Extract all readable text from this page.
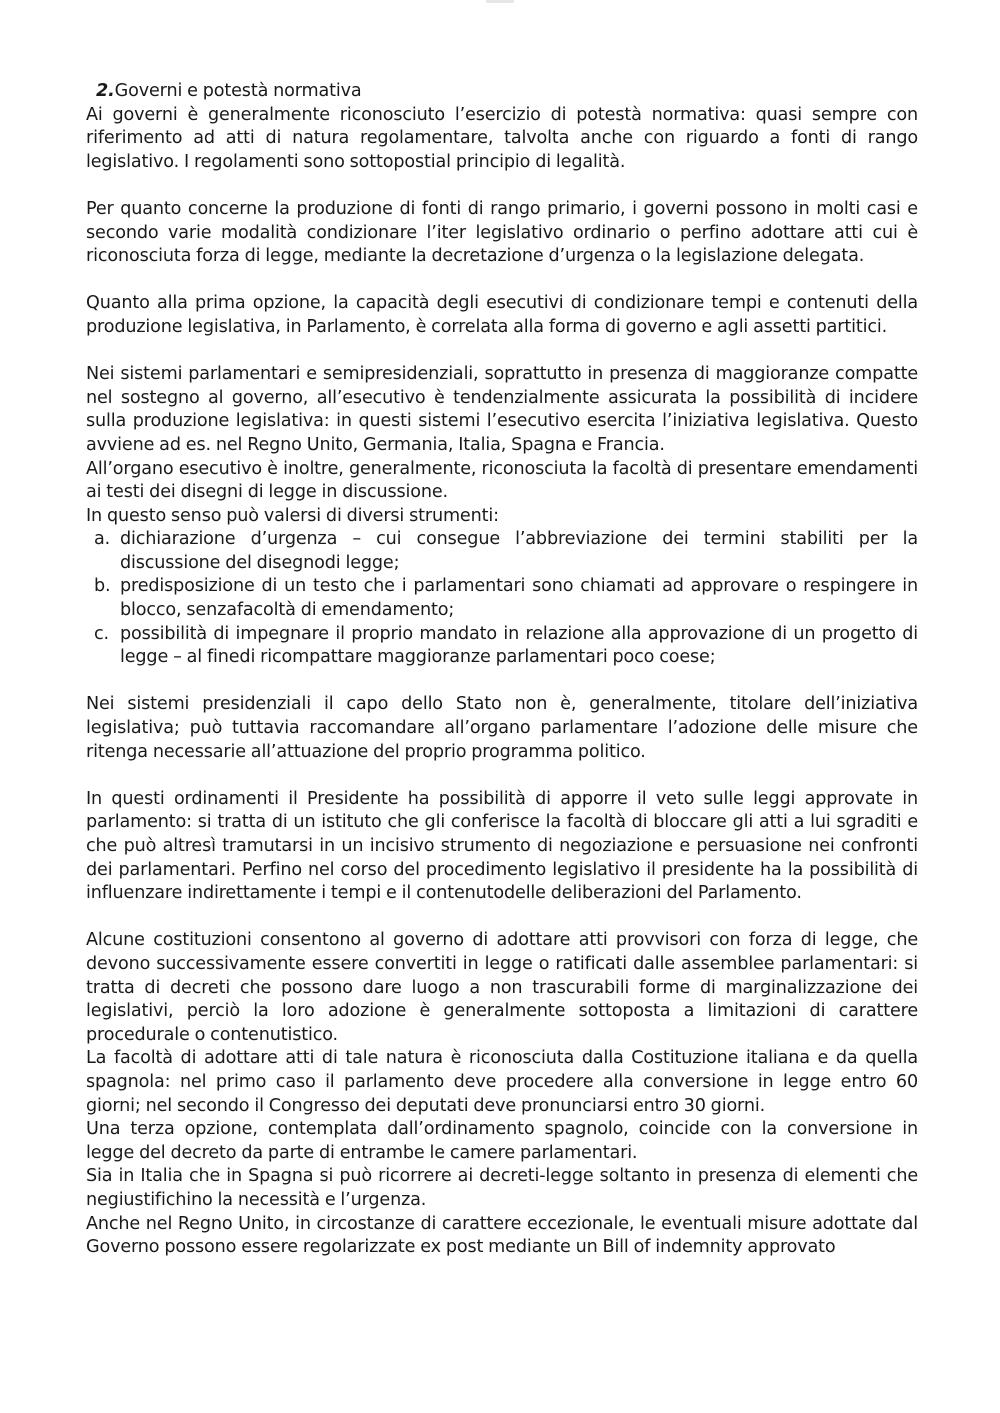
2.Governi e potestà normativa

Ai governi è generalmente riconosciuto l’esercizio di potestà normativa: quasi sempre con riferimento ad atti di natura regolamentare, talvolta anche con riguardo a fonti di rango legislativo. I regolamenti sono sottopostial principio di legalità.

Per quanto concerne la produzione di fonti di rango primario, i governi possono in molti casi e secondo varie modalità condizionare l’iter legislativo ordinario o perfino adottare atti cui è riconosciuta forza di legge, mediante la decretazione d’urgenza o la legislazione delegata.

Quanto alla prima opzione, la capacità degli esecutivi di condizionare tempi e contenuti della produzione legislativa, in Parlamento, è correlata alla forma di governo e agli assetti partitici.

Nei sistemi parlamentari e semipresidenziali, soprattutto in presenza di maggioranze compatte nel sostegno al governo, all’esecutivo è tendenzialmente assicurata la possibilità di incidere sulla produzione legislativa: in questi sistemi l’esecutivo esercita l’iniziativa legislativa. Questo avviene ad es. nel Regno Unito, Germania, Italia, Spagna e Francia.

All’organo esecutivo è inoltre, generalmente, riconosciuta la facoltà di presentare emendamenti ai testi dei disegni di legge in discussione.

In questo senso può valersi di diversi strumenti:

a. dichiarazione d’urgenza – cui consegue l’abbreviazione dei termini stabiliti per la discussione del disegnodi legge;
b. predisposizione di un testo che i parlamentari sono chiamati ad approvare o respingere in blocco, senzafacoltà di emendamento;
c. possibilità di impegnare il proprio mandato in relazione alla approvazione di un progetto di legge – al finedi ricompattare maggioranze parlamentari poco coese;

Nei sistemi presidenziali il capo dello Stato non è, generalmente, titolare dell’iniziativa legislativa; può tuttavia raccomandare all’organo parlamentare l’adozione delle misure che ritenga necessarie all’attuazione del proprio programma politico.

In questi ordinamenti il Presidente ha possibilità di apporre il veto sulle leggi approvate in parlamento: si tratta di un istituto che gli conferisce la facoltà di bloccare gli atti a lui sgraditi e che può altresì tramutarsi in un incisivo strumento di negoziazione e persuasione nei confronti dei parlamentari. Perfino nel corso del procedimento legislativo il presidente ha la possibilità di influenzare indirettamente i tempi e il contenutodelle deliberazioni del Parlamento.

Alcune costituzioni consentono al governo di adottare atti provvisori con forza di legge, che devono successivamente essere convertiti in legge o ratificati dalle assemblee parlamentari: si tratta di decreti che possono dare luogo a non trascurabili forme di marginalizzazione dei legislativi, perciò la loro adozione è generalmente sottoposta a limitazioni di carattere procedurale o contenutistico.

La facoltà di adottare atti di tale natura è riconosciuta dalla Costituzione italiana e da quella spagnola: nel primo caso il parlamento deve procedere alla conversione in legge entro 60 giorni; nel secondo il Congresso dei deputati deve pronunciarsi entro 30 giorni.

Una terza opzione, contemplata dall’ordinamento spagnolo, coincide con la conversione in legge del decreto da parte di entrambe le camere parlamentari.

Sia in Italia che in Spagna si può ricorrere ai decreti-legge soltanto in presenza di elementi che negiustifichino la necessità e l’urgenza.

Anche nel Regno Unito, in circostanze di carattere eccezionale, le eventuali misure adottate dal Governo possono essere regolarizzate ex post mediante un Bill of indemnity approvato
